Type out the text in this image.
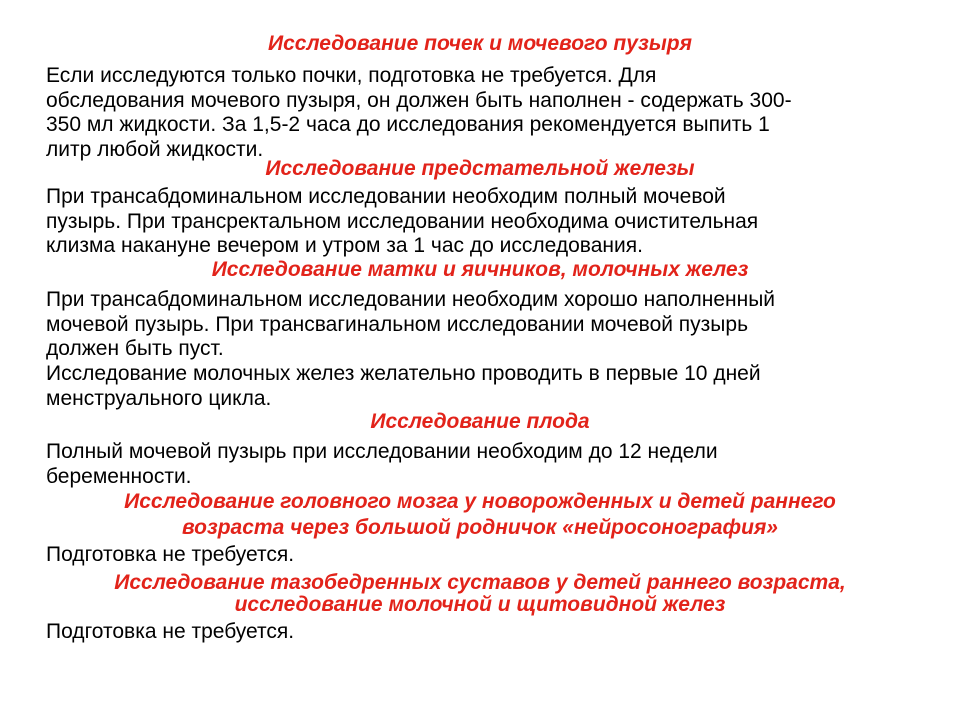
Исследование почек и мочевого пузыря
Если исследуются только почки, подготовка не требуется. Для
обследования мочевого пузыря, он должен быть наполнен - содержать 300-
350 мл жидкости. За 1,5-2 часа до исследования рекомендуется выпить 1
литр любой жидкости.
Исследование предстательной железы
При трансабдоминальном исследовании необходим полный мочевой
пузырь. При трансректальном исследовании необходима очистительная
клизма накануне вечером и утром за 1 час до исследования.
Исследование матки и яичников, молочных желез
При трансабдоминальном исследовании необходим хорошо наполненный
мочевой пузырь. При трансвагинальном исследовании мочевой пузырь
должен быть пуст.
Исследование молочных желез желательно проводить в первые 10 дней
менструального цикла.
Исследование плода
Полный мочевой пузырь при исследовании необходим до 12 недели
беременности.
Исследование головного мозга у новорожденных и детей раннего
возраста через большой родничок «нейросонография»
Подготовка не требуется.
Исследование тазобедренных суставов у детей раннего возраста,
исследование молочной и щитовидной желез
Подготовка не требуется.
